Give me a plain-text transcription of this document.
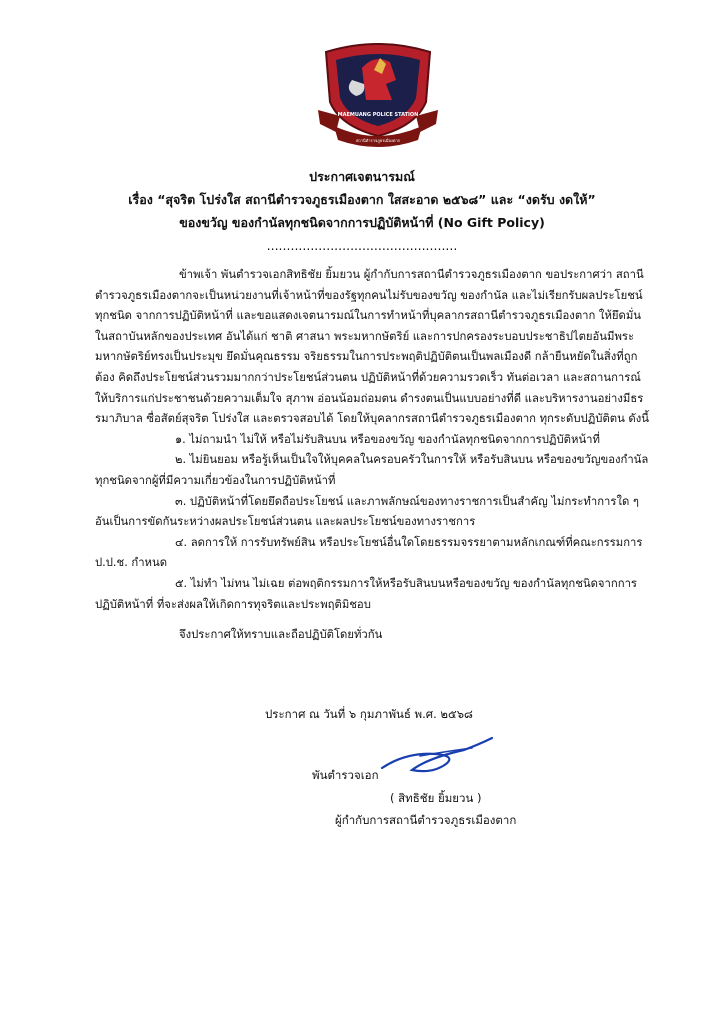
MAEMUANG POLICE STATION
สถานีตำรวจภูธรเมืองตาก
ประกาศเจตนารมณ์
เรื่อง “สุจริต โปร่งใส สถานีตำรวจภูธรเมืองตาก ใสสะอาด ๒๕๖๘” และ “งดรับ งดให้”
ของขวัญ ของกำนัลทุกชนิดจากการปฏิบัติหน้าที่ (No Gift Policy)
................................................

ข้าพเจ้า พันตำรวจเอกสิทธิชัย ยิ้มยวน ผู้กำกับการสถานีตำรวจภูธรเมืองตาก ขอประกาศว่า สถานีตำรวจภูธรเมืองตากจะเป็นหน่วยงานที่เจ้าหน้าที่ของรัฐทุกคนไม่รับของขวัญ ของกำนัล และไม่เรียกรับผลประโยชน์ทุกชนิด จากการปฏิบัติหน้าที่ และขอแสดงเจตนารมณ์ในการทำหน้าที่บุคลากรสถานีตำรวจภูธรเมืองตาก ให้ยึดมั่น ในสถาบันหลักของประเทศ อันได้แก่ ชาติ ศาสนา พระมหากษัตริย์ และการปกครองระบอบประชาธิปไตยอันมีพระมหากษัตริย์ทรงเป็นประมุข ยึดมั่นคุณธรรม จริยธรรมในการประพฤติปฏิบัติตนเป็นพลเมืองดี กล้ายืนหยัดในสิ่งที่ถูกต้อง คิดถึงประโยชน์ส่วนรวมมากกว่าประโยชน์ส่วนตน ปฏิบัติหน้าที่ด้วยความรวดเร็ว ทันต่อเวลา และสถานการณ์ ให้บริการแก่ประชาชนด้วยความเต็มใจ สุภาพ อ่อนน้อมถ่อมตน ดำรงตนเป็นแบบอย่างที่ดี และบริหารงานอย่างมีธรรมาภิบาล ซื่อสัตย์สุจริต โปร่งใส และตรวจสอบได้ โดยให้บุคลากรสถานีตำรวจภูธรเมืองตาก ทุกระดับปฏิบัติตน ดังนี้

๑. ไม่ถามนำ ไม่ให้ หรือไม่รับสินบน หรือของขวัญ ของกำนัลทุกชนิดจากการปฏิบัติหน้าที่

๒. ไม่ยินยอม หรือรู้เห็นเป็นใจให้บุคคลในครอบครัวในการให้ หรือรับสินบน หรือของขวัญของกำนัลทุกชนิดจากผู้ที่มีความเกี่ยวข้องในการปฏิบัติหน้าที่

๓. ปฏิบัติหน้าที่โดยยึดถือประโยชน์ และภาพลักษณ์ของทางราชการเป็นสำคัญ ไม่กระทำการใด ๆ อันเป็นการขัดกันระหว่างผลประโยชน์ส่วนตน และผลประโยชน์ของทางราชการ

๔. ลดการให้ การรับทรัพย์สิน หรือประโยชน์อื่นใดโดยธรรมจรรยาตามหลักเกณฑ์ที่คณะกรรมการ ป.ป.ช. กำหนด

๕. ไม่ทำ ไม่ทน ไม่เฉย ต่อพฤติกรรมการให้หรือรับสินบนหรือของขวัญ ของกำนัลทุกชนิดจากการปฏิบัติหน้าที่ ที่จะส่งผลให้เกิดการทุจริตและประพฤติมิชอบ

จึงประกาศให้ทราบและถือปฏิบัติโดยทั่วกัน

ประกาศ ณ วันที่ ๖ กุมภาพันธ์ พ.ศ. ๒๕๖๘
พันตำรวจเอก
( สิทธิชัย ยิ้มยวน )
ผู้กำกับการสถานีตำรวจภูธรเมืองตาก
